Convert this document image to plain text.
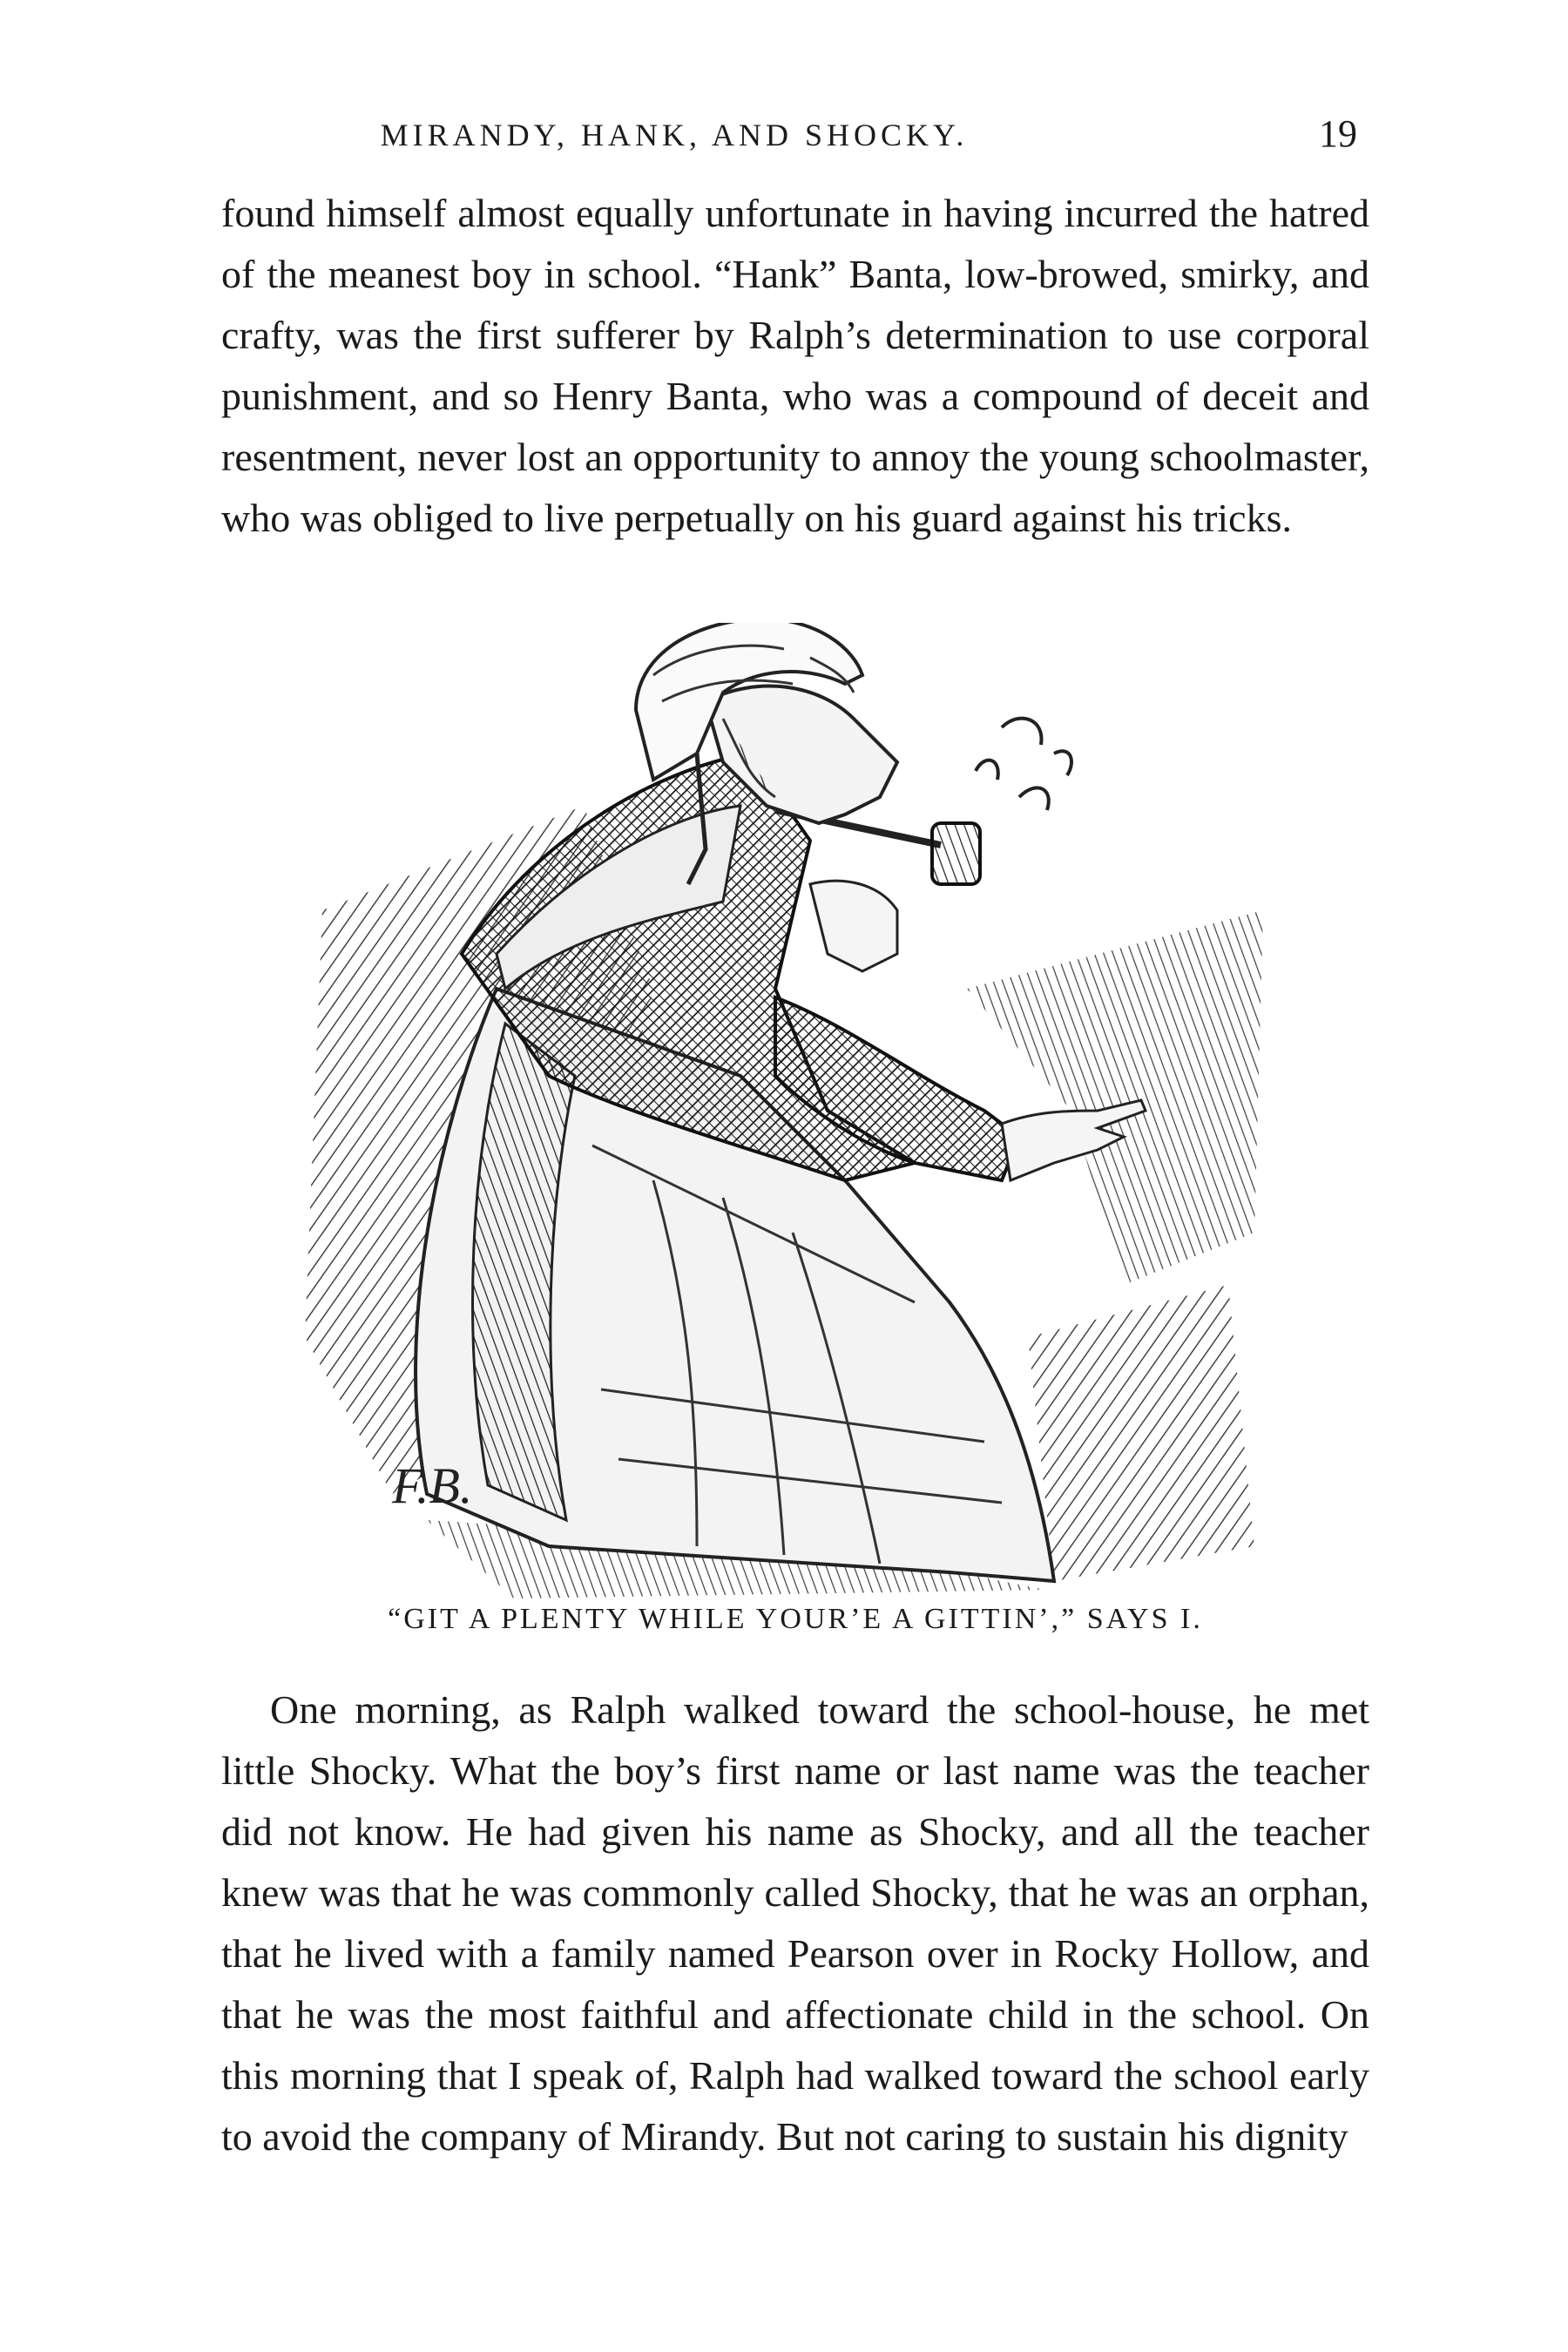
MIRANDY, HANK, AND SHOCKY.	19

found himself almost equally unfortunate in having incurred the hatred of the meanest boy in school. “Hank” Banta, low-browed, smirky, and crafty, was the first sufferer by Ralph’s determination to use corporal punishment, and so Henry Banta, who was a compound of deceit and resentment, never lost an opportunity to annoy the young schoolmaster, who was obliged to live perpetually on his guard against his tricks.

F.B.
“GIT A PLENTY WHILE YOUR’E A GITTIN’,” SAYS I.

One morning, as Ralph walked toward the school-house, he met little Shocky. What the boy’s first name or last name was the teacher did not know. He had given his name as Shocky, and all the teacher knew was that he was commonly called Shocky, that he was an orphan, that he lived with a family named Pearson over in Rocky Hollow, and that he was the most faithful and affectionate child in the school. On this morning that I speak of, Ralph had walked toward the school early to avoid the company of Mirandy. But not caring to sustain his dignity
